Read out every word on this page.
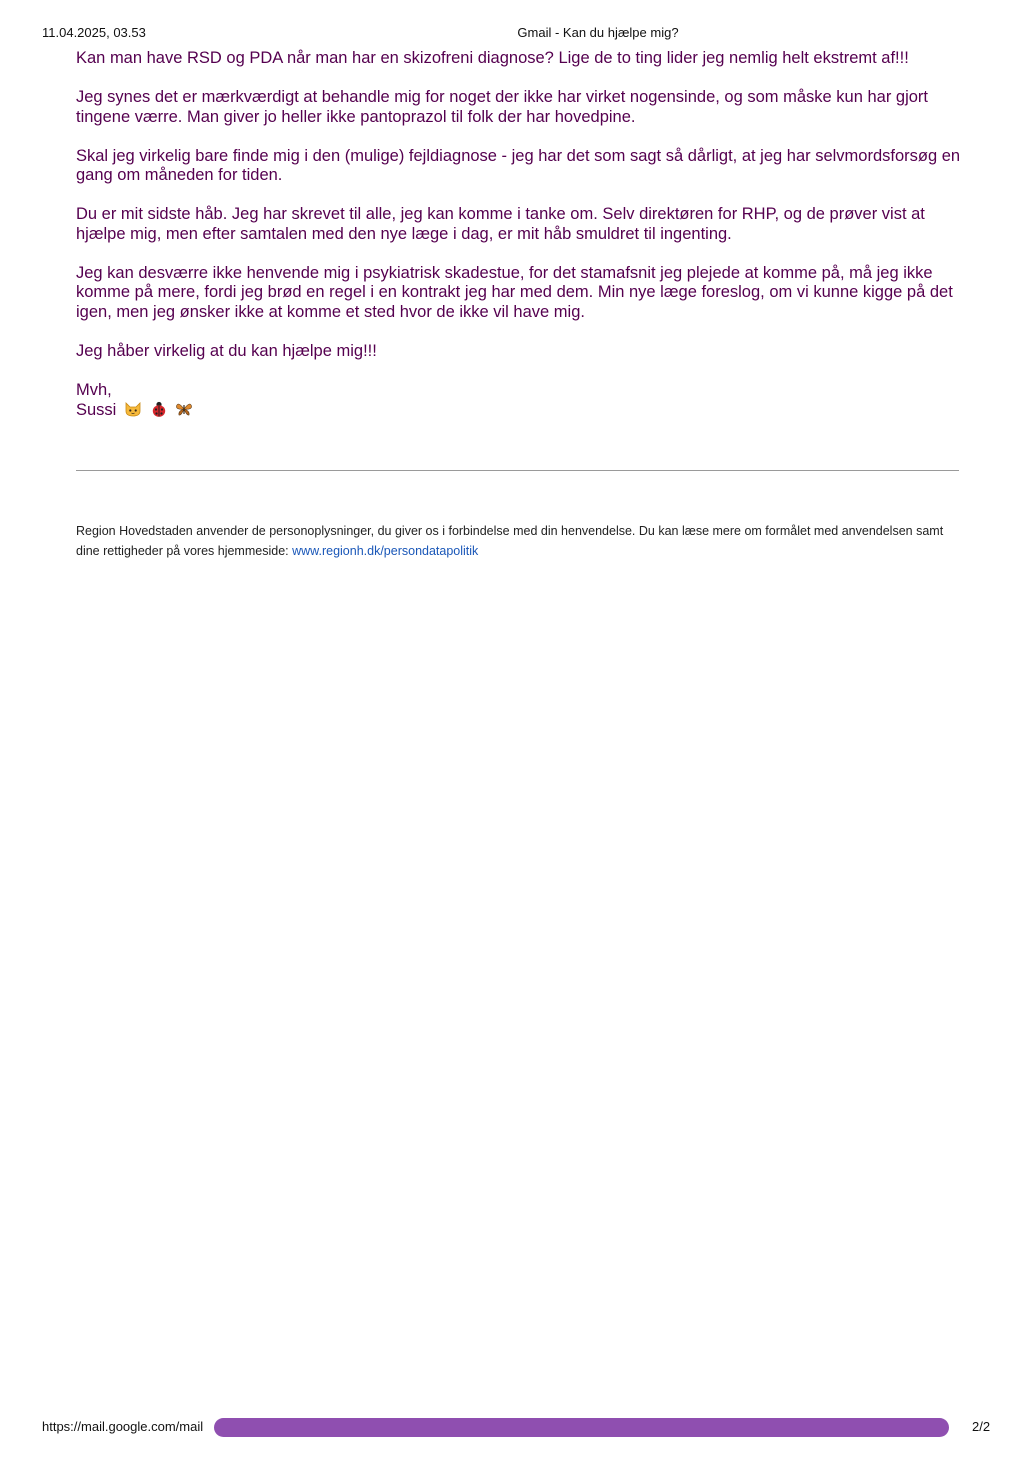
11.04.2025, 03.53	Gmail - Kan du hjælpe mig?

Kan man have RSD og PDA når man har en skizofreni diagnose? Lige de to ting lider jeg nemlig helt ekstremt af!!!

Jeg synes det er mærkværdigt at behandle mig for noget der ikke har virket nogensinde, og som måske kun har gjort tingene værre. Man giver jo heller ikke pantoprazol til folk der har hovedpine.

Skal jeg virkelig bare finde mig i den (mulige) fejldiagnose - jeg har det som sagt så dårligt, at jeg har selvmordsforsøg en gang om måneden for tiden.

Du er mit sidste håb. Jeg har skrevet til alle, jeg kan komme i tanke om. Selv direktøren for RHP, og de prøver vist at hjælpe mig, men efter samtalen med den nye læge i dag, er mit håb smuldret til ingenting.

Jeg kan desværre ikke henvende mig i psykiatrisk skadestue, for det stamafsnit jeg plejede at komme på, må jeg ikke komme på mere, fordi jeg brød en regel i en kontrakt jeg har med dem. Min nye læge foreslog, om vi kunne kigge på det igen, men jeg ønsker ikke at komme et sted hvor de ikke vil have mig.

Jeg håber virkelig at du kan hjælpe mig!!!

Mvh,

Sussi

Region Hovedstaden anvender de personoplysninger, du giver os i forbindelse med din henvendelse. Du kan læse mere om formålet med anvendelsen samt dine rettigheder på vores hjemmeside: www.regionh.dk/persondatapolitik
https://mail.google.com/mail	2/2
